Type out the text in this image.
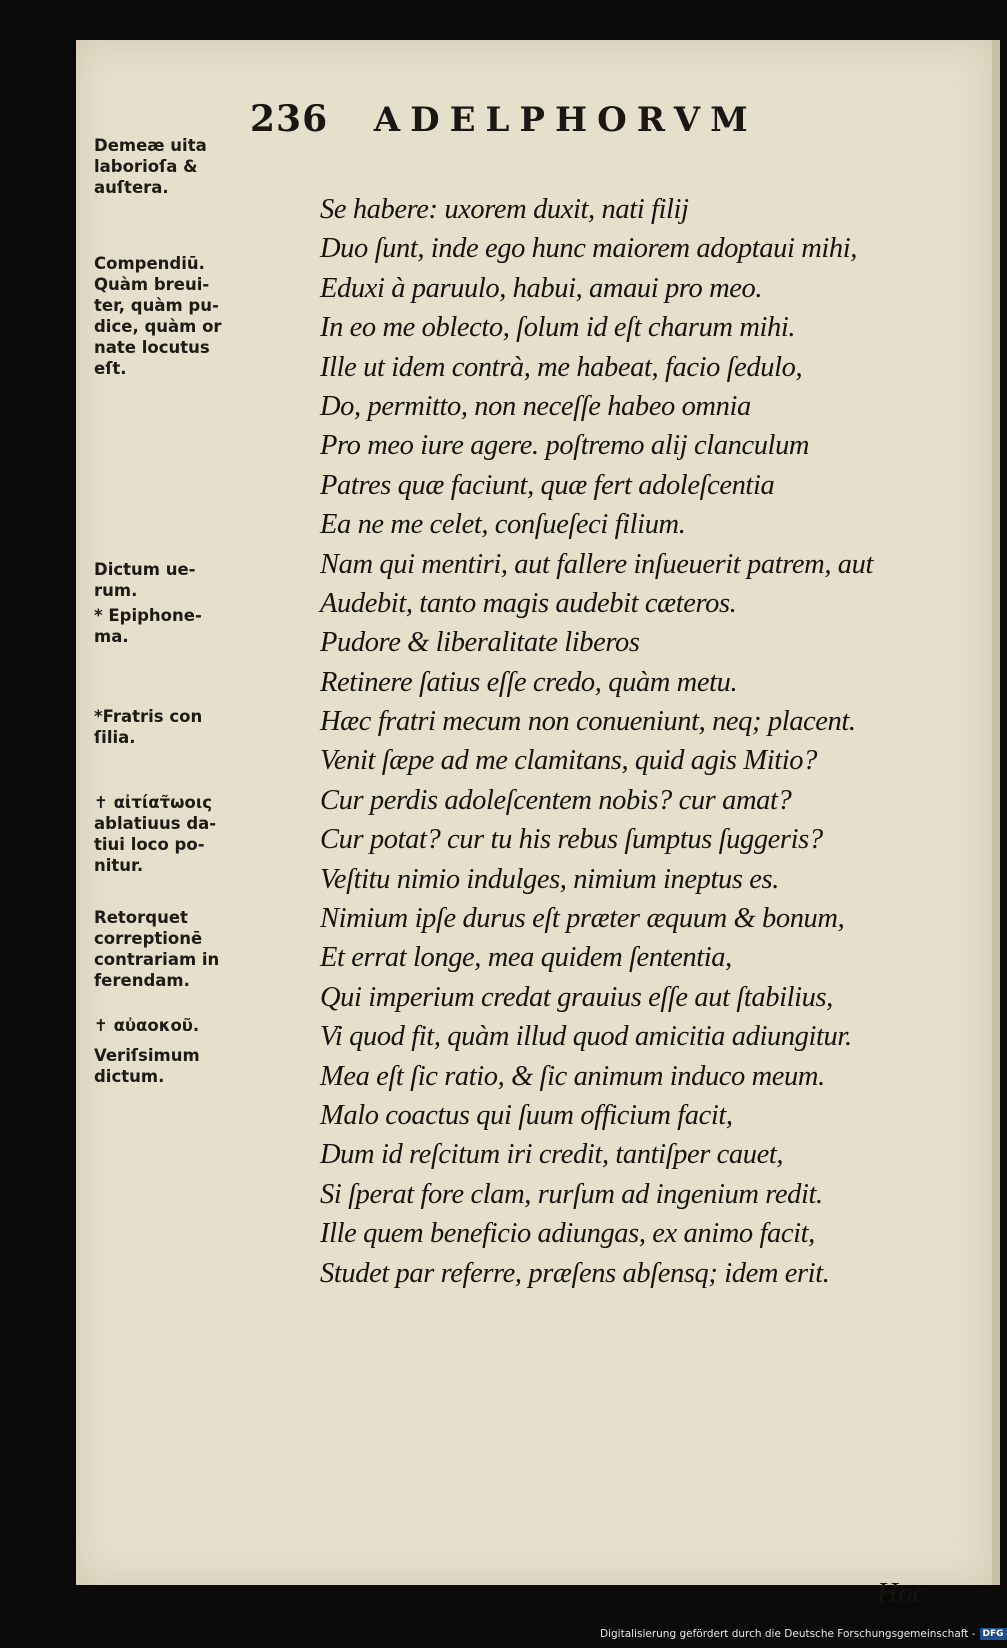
236 ADELPHORVM
Demeæ uita laborioſa & auſtera.
Compendiū. Quàm breui- ter, quàm pu- dice, quàm or nate locutus eſt.
Dictum ue- rum.
* Epiphone- ma.
*Fratris con ſilia.
✝ αἰτίατ͂ωοις ablatiuus da- tiui loco po- nitur.
Retorquet correptionē contrariam in ferendam.
✝ αὐαοκοῦ.
Veriſsimum dictum.
Se habere: uxorem duxit, nati filij
Duo ſunt, inde ego hunc maiorem adoptaui mihi,
Eduxi à paruulo, habui, amaui pro meo.
In eo me oblecto, ſolum id eſt charum mihi.
Ille ut idem contrà, me habeat, facio ſedulo,
Do, permitto, non neceſſe habeo omnia
Pro meo iure agere. poſtremo alij clanculum
Patres quæ faciunt, quæ fert adoleſcentia
Ea ne me celet, conſueſeci filium.
Nam qui mentiri, aut fallere inſueuerit patrem, aut
Audebit, tanto magis audebit cæteros.
Pudore & liberalitate liberos
Retinere ſatius eſſe credo, quàm metu.
Hæc fratri mecum non conueniunt, neq; placent.
Venit ſæpe ad me clamitans, quid agis Mitio?
Cur perdis adoleſcentem nobis? cur amat?
Cur potat? cur tu his rebus ſumptus ſuggeris?
Veſtitu nimio indulges, nimium ineptus es.
Nimium ipſe durus eſt præter æquum & bonum,
Et errat longe, mea quidem ſententia,
Qui imperium credat grauius eſſe aut ſtabilius,
Vi quod fit, quàm illud quod amicitia adiungitur.
Mea eſt ſic ratio, & ſic animum induco meum.
Malo coactus qui ſuum officium facit,
Dum id reſcitum iri credit, tantiſper cauet,
Si ſperat fore clam, rurſum ad ingenium redit.
Ille quem beneficio adiungas, ex animo facit,
Studet par referre, præſens abſensq; idem erit.
Hoc
Digitalisierung gefördert durch die Deutsche Forschungsgemeinschaft - DFG
